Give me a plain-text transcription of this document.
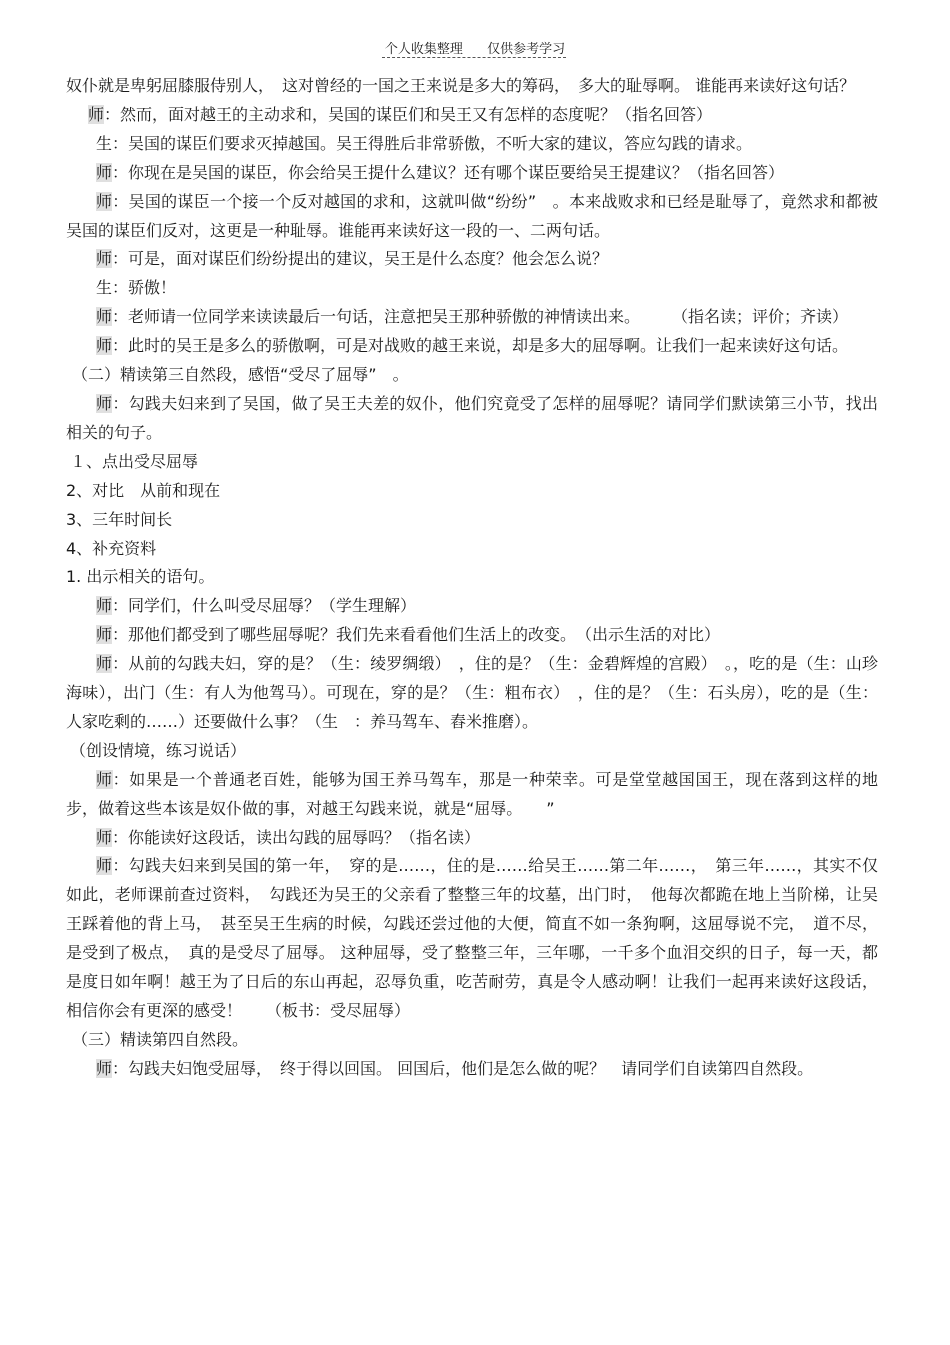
个人收集整理 仅供参考学习

奴仆就是卑躬屈膝服侍别人，　这对曾经的一国之王来说是多大的筹码，　多大的耻辱啊。 谁能再来读好这句话？

师：然而，面对越王的主动求和，吴国的谋臣们和吴王又有怎样的态度呢？（指名回答）

生：吴国的谋臣们要求灭掉越国。吴王得胜后非常骄傲，不听大家的建议，答应勾践的请求。

师：你现在是吴国的谋臣，你会给吴王提什么建议？还有哪个谋臣要给吴王提建议？（指名回答）

师：吴国的谋臣一个接一个反对越国的求和，这就叫做“纷纷”　。本来战败求和已经是耻辱了，竟然求和都被吴国的谋臣们反对，这更是一种耻辱。谁能再来读好这一段的一、二两句话。

师：可是，面对谋臣们纷纷提出的建议，吴王是什么态度？他会怎么说？

生：骄傲！

师：老师请一位同学来读读最后一句话，注意把吴王那种骄傲的神情读出来。　　　（指名读；评价；齐读）

师：此时的吴王是多么的骄傲啊，可是对战败的越王来说，却是多大的屈辱啊。让我们一起来读好这句话。

（二）精读第三自然段，感悟“受尽了屈辱”　。

师：勾践夫妇来到了吴国，做了吴王夫差的奴仆，他们究竟受了怎样的屈辱呢？请同学们默读第三小节，找出相关的句子。

１、点出受尽屈辱

2、对比　从前和现在

3、三年时间长

4、补充资料

1. 出示相关的语句。

师：同学们，什么叫受尽屈辱？（学生理解）

师：那他们都受到了哪些屈辱呢？我们先来看看他们生活上的改变。　（出示生活的对比）

师：从前的勾践夫妇，穿的是？（生：绫罗绸缎）　，住的是？（生：金碧辉煌的宫殿）　。，吃的是（生：山珍海味），出门（生：有人为他驾马）。可现在，穿的是？（生：粗布衣）　，住的是？（生：石头房），吃的是（生：人家吃剩的……）还要做什么事？（生　：养马驾车、舂米推磨）。

（创设情境，练习说话）

师：如果是一个普通老百姓，能够为国王养马驾车，那是一种荣幸。可是堂堂越国国王，现在落到这样的地步，做着这些本该是奴仆做的事，对越王勾践来说，就是“屈辱。　　”

师：你能读好这段话，读出勾践的屈辱吗？（指名读）

师：勾践夫妇来到吴国的第一年，　穿的是……，住的是……给吴王……第二年……，　第三年……，其实不仅如此，老师课前查过资料，　勾践还为吴王的父亲看了整整三年的坟墓，出门时，　他每次都跪在地上当阶梯，让吴王踩着他的背上马，　甚至吴王生病的时候，勾践还尝过他的大便，简直不如一条狗啊，这屈辱说不完，　道不尽，是受到了极点，　真的是受尽了屈辱。 这种屈辱，受了整整三年，三年哪，一千多个血泪交织的日子，每一天，都是度日如年啊！越王为了日后的东山再起，忍辱负重，吃苦耐劳，真是令人感动啊！让我们一起再来读好这段话，相信你会有更深的感受！　　（板书：受尽屈辱）

（三）精读第四自然段。

师：勾践夫妇饱受屈辱，　终于得以回国。 回国后，他们是怎么做的呢？　请同学们自读第四自然段。
